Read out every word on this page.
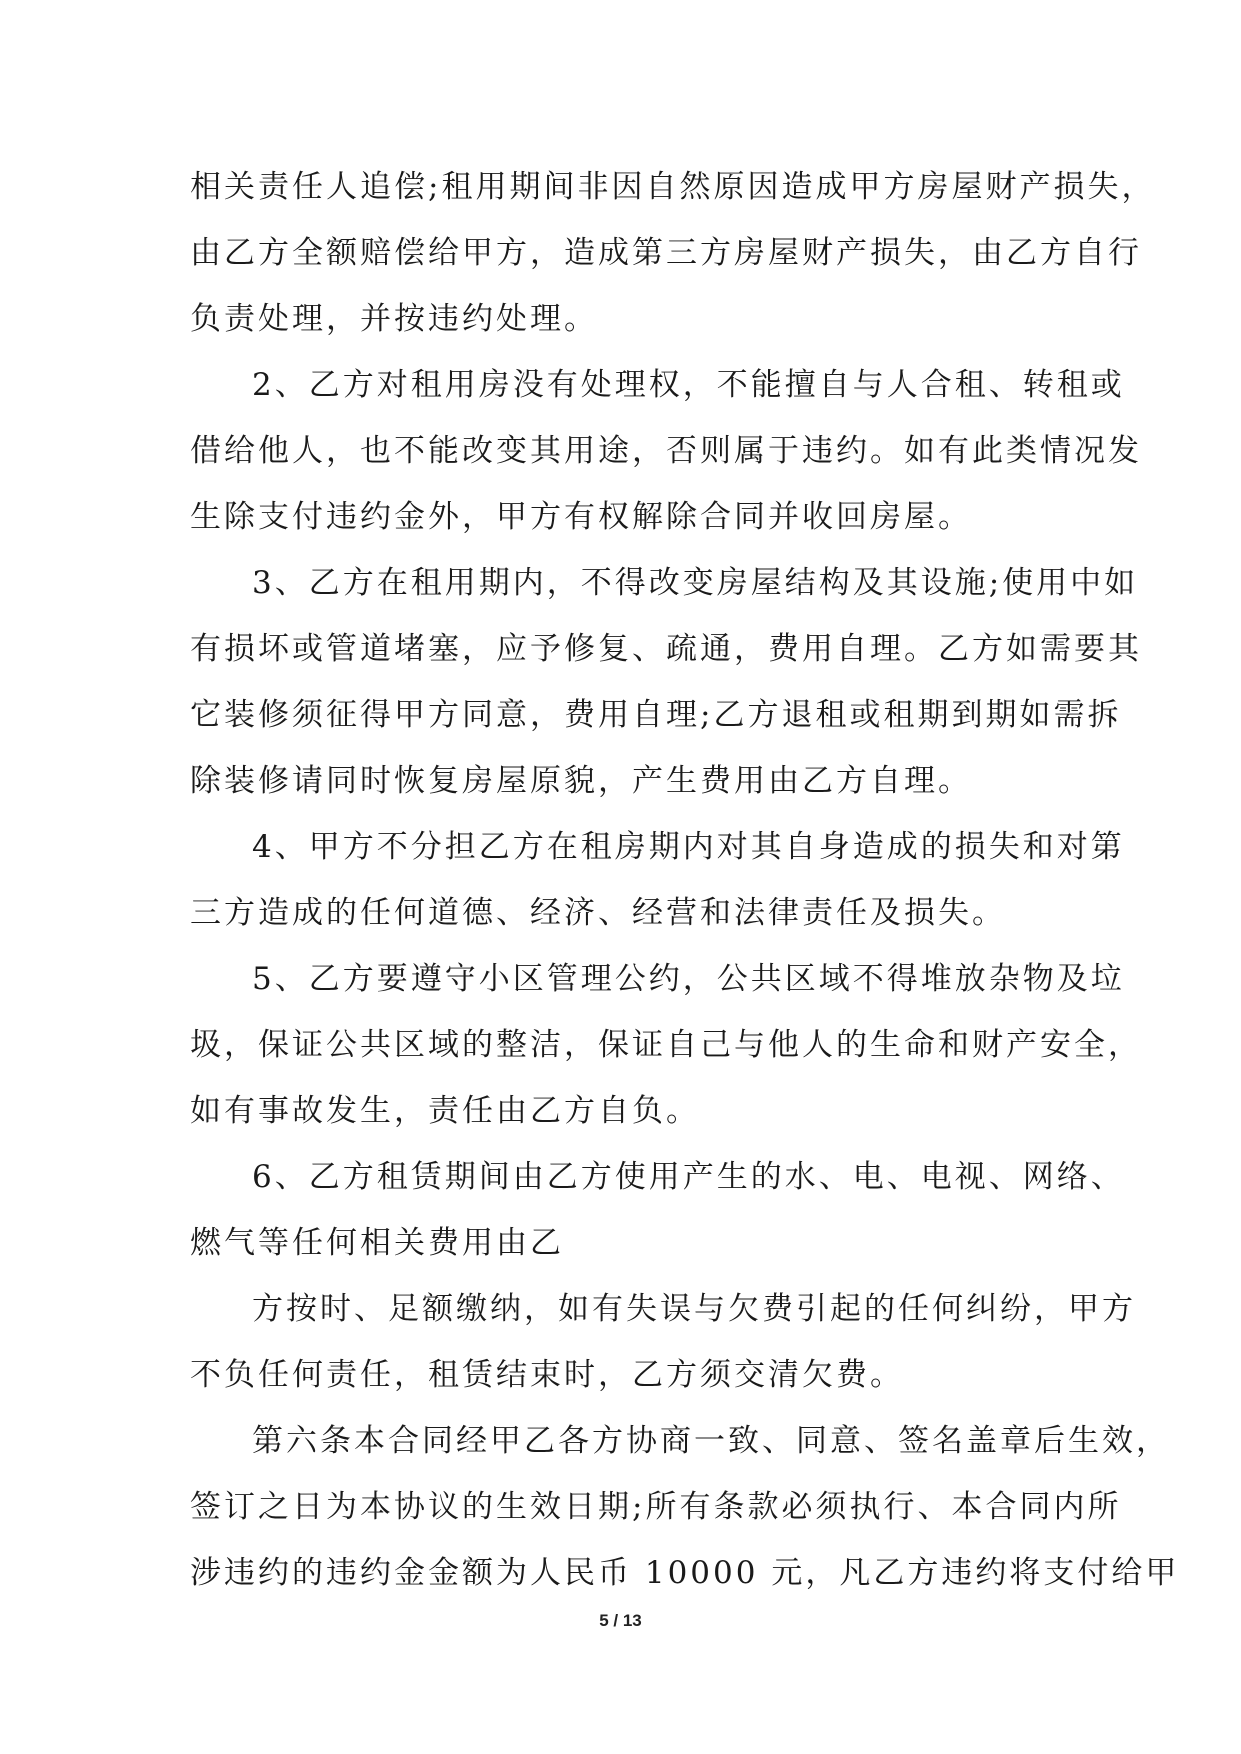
相关责任人追偿;租用期间非因自然原因造成甲方房屋财产损失，

由乙方全额赔偿给甲方，造成第三方房屋财产损失，由乙方自行

负责处理，并按违约处理。

2、乙方对租用房没有处理权，不能擅自与人合租、转租或

借给他人，也不能改变其用途，否则属于违约。如有此类情况发

生除支付违约金外，甲方有权解除合同并收回房屋。

3、乙方在租用期内，不得改变房屋结构及其设施;使用中如

有损坏或管道堵塞，应予修复、疏通，费用自理。乙方如需要其

它装修须征得甲方同意，费用自理;乙方退租或租期到期如需拆

除装修请同时恢复房屋原貌，产生费用由乙方自理。

4、甲方不分担乙方在租房期内对其自身造成的损失和对第

三方造成的任何道德、经济、经营和法律责任及损失。

5、乙方要遵守小区管理公约，公共区域不得堆放杂物及垃

圾，保证公共区域的整洁，保证自己与他人的生命和财产安全，

如有事故发生，责任由乙方自负。

6、乙方租赁期间由乙方使用产生的水、电、电视、网络、

燃气等任何相关费用由乙

方按时、足额缴纳，如有失误与欠费引起的任何纠纷，甲方

不负任何责任，租赁结束时，乙方须交清欠费。

第六条本合同经甲乙各方协商一致、同意、签名盖章后生效，

签订之日为本协议的生效日期;所有条款必须执行、本合同内所

涉违约的违约金金额为人民币 10000 元，凡乙方违约将支付给甲

5 / 13
